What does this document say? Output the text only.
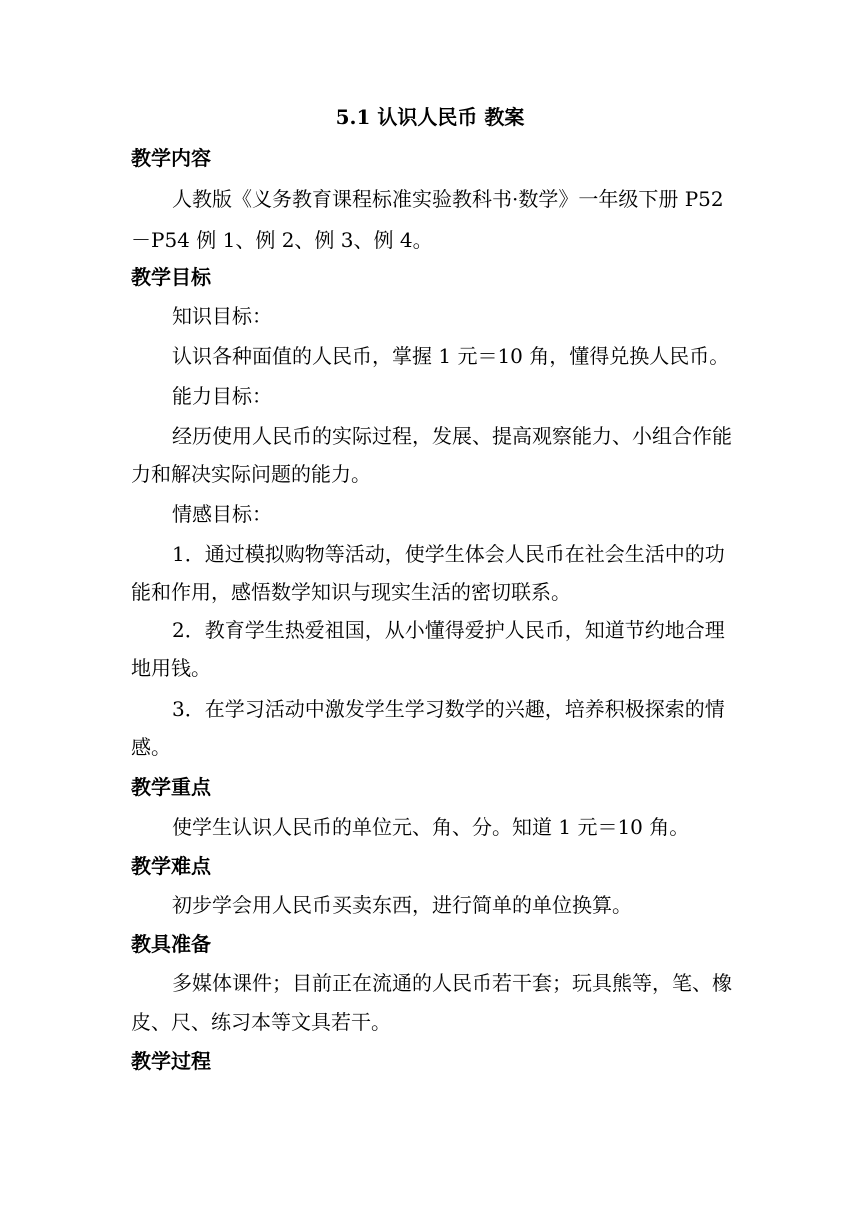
5.1 认识人民币 教案
教学内容
人教版《义务教育课程标准实验教科书·数学》一年级下册 P52
－P54 例 1、例 2、例 3、例 4。
教学目标
知识目标：
认识各种面值的人民币，掌握 1 元＝10 角，懂得兑换人民币。
能力目标：
经历使用人民币的实际过程，发展、提高观察能力、小组合作能
力和解决实际问题的能力。
情感目标：
1．通过模拟购物等活动，使学生体会人民币在社会生活中的功
能和作用，感悟数学知识与现实生活的密切联系。
2．教育学生热爱祖国，从小懂得爱护人民币，知道节约地合理
地用钱。
3．在学习活动中激发学生学习数学的兴趣，培养积极探索的情
感。
教学重点
使学生认识人民币的单位元、角、分。知道 1 元＝10 角。
教学难点
初步学会用人民币买卖东西，进行简单的单位换算。
教具准备
多媒体课件；目前正在流通的人民币若干套；玩具熊等，笔、橡
皮、尺、练习本等文具若干。
教学过程
